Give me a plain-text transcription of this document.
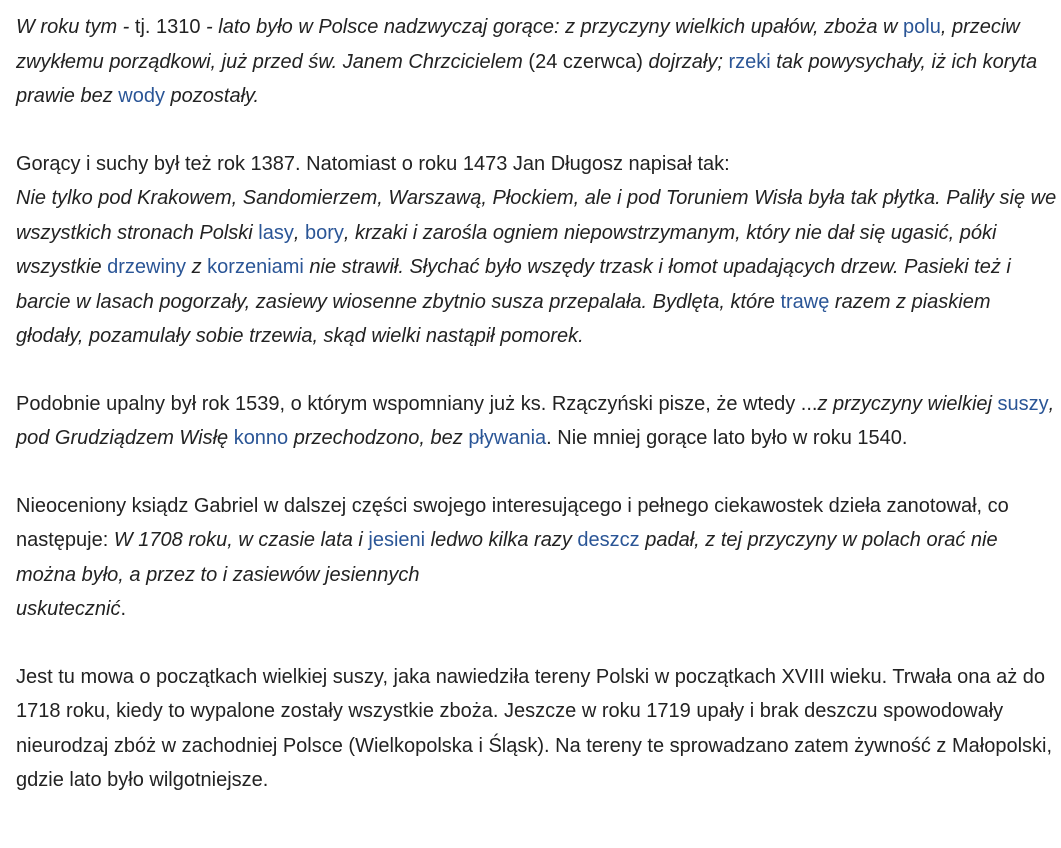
W roku tym - tj. 1310 - lato było w Polsce nadzwyczaj gorące: z przyczyny wielkich upałów, zboża w polu, przeciw zwykłemu porządkowi, już przed św. Janem Chrzcicielem (24 czerwca) dojrzały; rzeki tak powysychały, iż ich koryta prawie bez wody pozostały.

Gorący i suchy był też rok 1387. Natomiast o roku 1473 Jan Długosz napisał tak:
Nie tylko pod Krakowem, Sandomierzem, Warszawą, Płockiem, ale i pod Toruniem Wisła była tak płytka. Paliły się we wszystkich stronach Polski lasy, bory, krzaki i zarośla ogniem niepowstrzymanym, który nie dał się ugasić, póki wszystkie drzewiny z korzeniami nie strawił. Słychać było wszędy trzask i łomot upadających drzew. Pasieki też i barcie w lasach pogorzały, zasiewy wiosenne zbytnio susza przepalała. Bydlęta, które trawę razem z piaskiem głodały, pozamulały sobie trzewia, skąd wielki nastąpił pomorek.

Podobnie upalny był rok 1539, o którym wspomniany już ks. Rzączyński pisze, że wtedy ...z przyczyny wielkiej suszy, pod Grudziądzem Wisłę konno przechodzono, bez pływania. Nie mniej gorące lato było w roku 1540.

Nieoceniony ksiądz Gabriel w dalszej części swojego interesującego i pełnego ciekawostek dzieła zanotował, co następuje: W 1708 roku, w czasie lata i jesieni ledwo kilka razy deszcz padał, z tej przyczyny w polach orać nie można było, a przez to i zasiewów jesiennych
uskutecznić.

Jest tu mowa o początkach wielkiej suszy, jaka nawiedziła tereny Polski w początkach XVIII wieku. Trwała ona aż do 1718 roku, kiedy to wypalone zostały wszystkie zboża. Jeszcze w roku 1719 upały i brak deszczu spowodowały nieurodzaj zbóż w zachodniej Polsce (Wielkopolska i Śląsk). Na tereny te sprowadzano zatem żywność z Małopolski, gdzie lato było wilgotniejsze.
